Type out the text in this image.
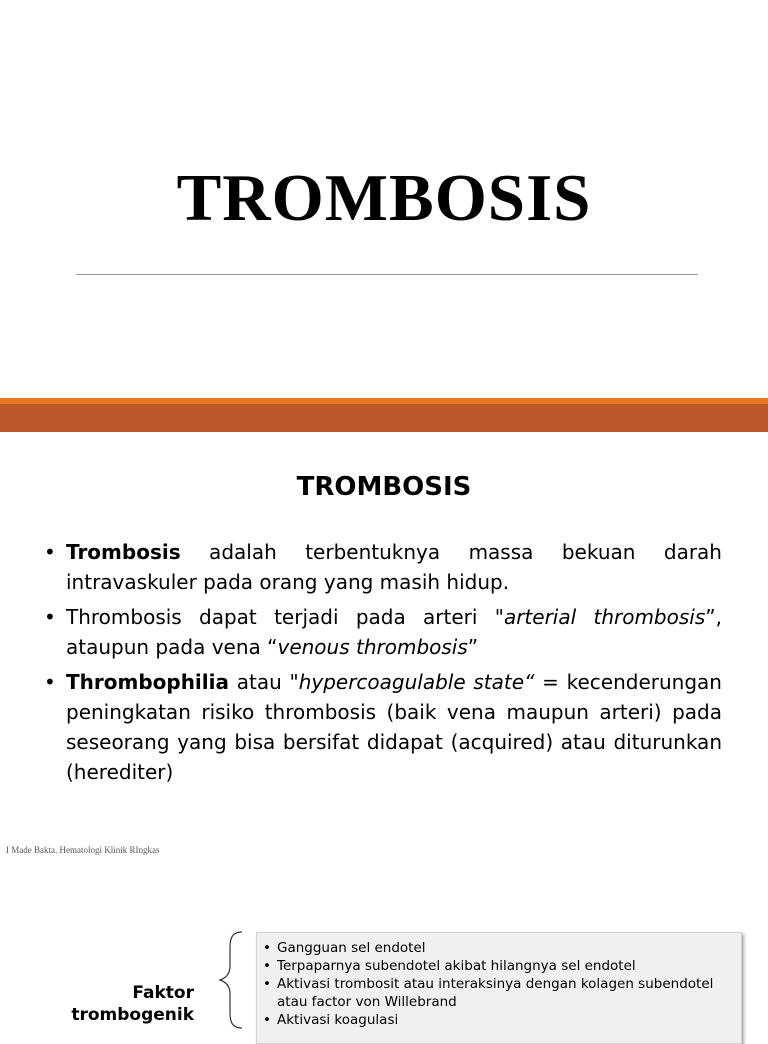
TROMBOSIS
TROMBOSIS
• Trombosis adalah terbentuknya massa bekuan darah intravaskuler pada orang yang masih hidup.
• Thrombosis dapat terjadi pada arteri "arterial thrombosis”, ataupun pada vena “venous thrombosis”
• Thrombophilia atau "hypercoagulable state“ = kecenderungan peningkatan risiko thrombosis (baik vena maupun arteri) pada seseorang yang bisa bersifat didapat (acquired) atau diturunkan (herediter)
I Made Bakta. Hematologi Klinik RIngkas
Faktor
trombogenik
• Gangguan sel endotel
• Terpaparnya subendotel akibat hilangnya sel endotel
• Aktivasi trombosit atau interaksinya dengan kolagen subendotel atau factor von Willebrand
• Aktivasi koagulasi
